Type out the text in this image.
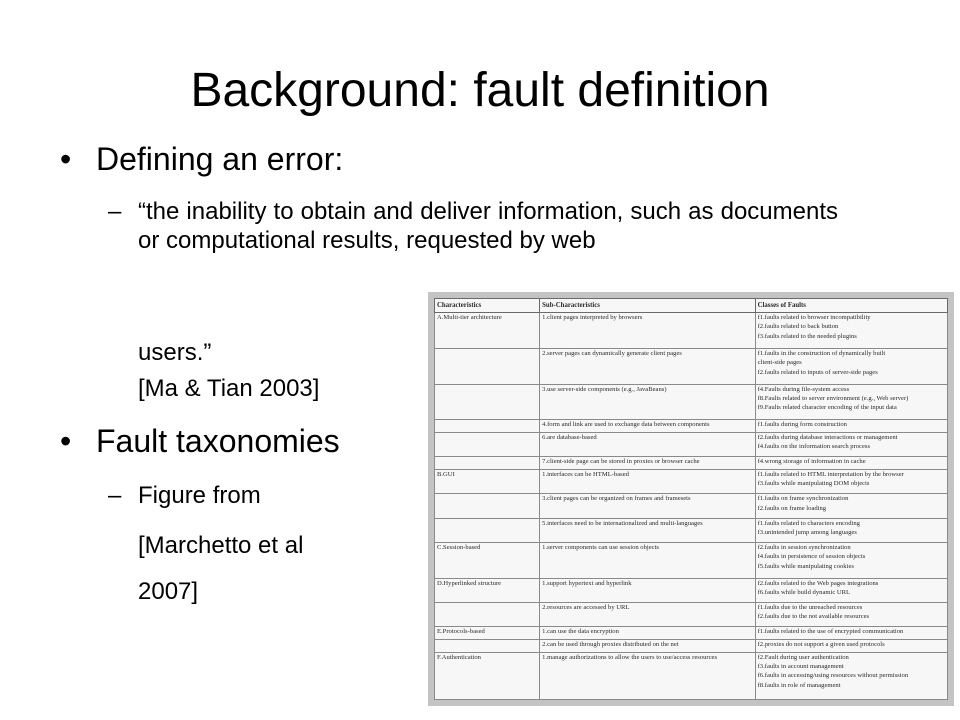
Background: fault definition
• Defining an error:
– “the inability to obtain and deliver information, such as documents or computational results, requested by web
users.”
[Ma & Tian 2003]
• Fault taxonomies
– Figure from
[Marchetto et al
2007]
Characteristics	Sub-Characteristics	Classes of Faults
A.Multi-tier architecture	1.client pages interpreted by browsers	f1.faults related to browser incompatibility
f2.faults related to back button
f3.faults related to the needed plugins

	2.server pages can dynamically generate client pages	f1.faults in the construction of dynamically built
client-side pages
f2.faults related to inputs of server-side pages

	3.use server-side components (e.g., JavaBeans)	f4.Faults during file-system access
f8.Faults related to server environment (e.g., Web server)
f9.Faults related character encoding of the input data

	4.form and link are used to exchange data between components	f1.faults during form construction

	6.are database-based	f2.faults during database interactions or management
f4.faults on the information search process

	7.client-side page can be stored in proxies or browser cache	f4.wrong storage of information in cache

B.GUI	1.interfaces can be HTML-based	f1.faults related to HTML interpretation by the browser
f3.faults while manipulating DOM objects

	3.client pages can be organized on frames and framesets	f1.faults on frame synchronization
f2.faults on frame loading

	5.interfaces need to be internationalized and multi-languages	f1.faults related to characters encoding
f3.unintended jump among languages

C.Session-based	1.server components can use session objects	f2.faults in session synchronization
f4.faults in persistence of session objects
f5.faults while manipulating cookies

D.Hyperlinked structure	1.support hypertext and hyperlink	f2.faults related to the Web pages integrations
f6.faults while build dynamic URL

	2.resources are accessed by URL	f1.faults due to the unreached resources
f2.faults due to the not available resources

E.Protocols-based	1.can use the data encryption	f1.faults related to the use of encrypted communication

	2.can be used through proxies distributed on the net	f2.proxies do not support a given used protocols

F.Authentication	1.manage authorizations to allow the users to use/access resources	f2.Fault during user authentication
f3.faults in account management
f6.faults in accessing/using resources without permission
f8.faults in role of management
